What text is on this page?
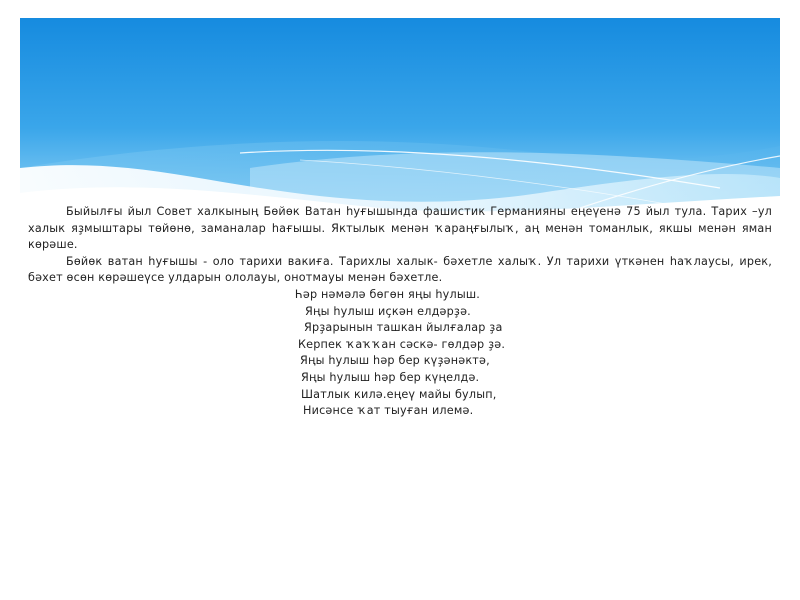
Быйылғы йыл Совет халкының Бөйөк Ватан һуғышында фашистик Германияны еңеүенә 75 йыл тула. Тарих –ул халык яҙмыштары төйөнө, заманалар һағышы. Яктылык менән ҡараңғылыҡ, аң менән томанлык, якшы менән яман көрәше.

Бөйөк ватан һуғышы - оло тарихи вакиға. Тарихлы халык- бәхетле халыҡ. Ул тарихи үткәнен һаҡлаусы, ирек, бәхет өсөн көрәшеүсе улдарын ололауы, онотмауы менән бәхетле.

Һәр нәмәлә бөгөн яңы һулыш.
Яңы һулыш иҫкән елдәрҙә.
Ярҙарынын ташкан йылғалар ҙа
Керпек ҡаҡҡан сәскә- гөлдәр ҙә.
Яңы һулыш һәр бер күҙәнәктә,
Яңы һулыш һәр бер күңелдә.
Шатлык килә.еңеү майы булып,
Нисәнсе ҡат тыуған илемә.
